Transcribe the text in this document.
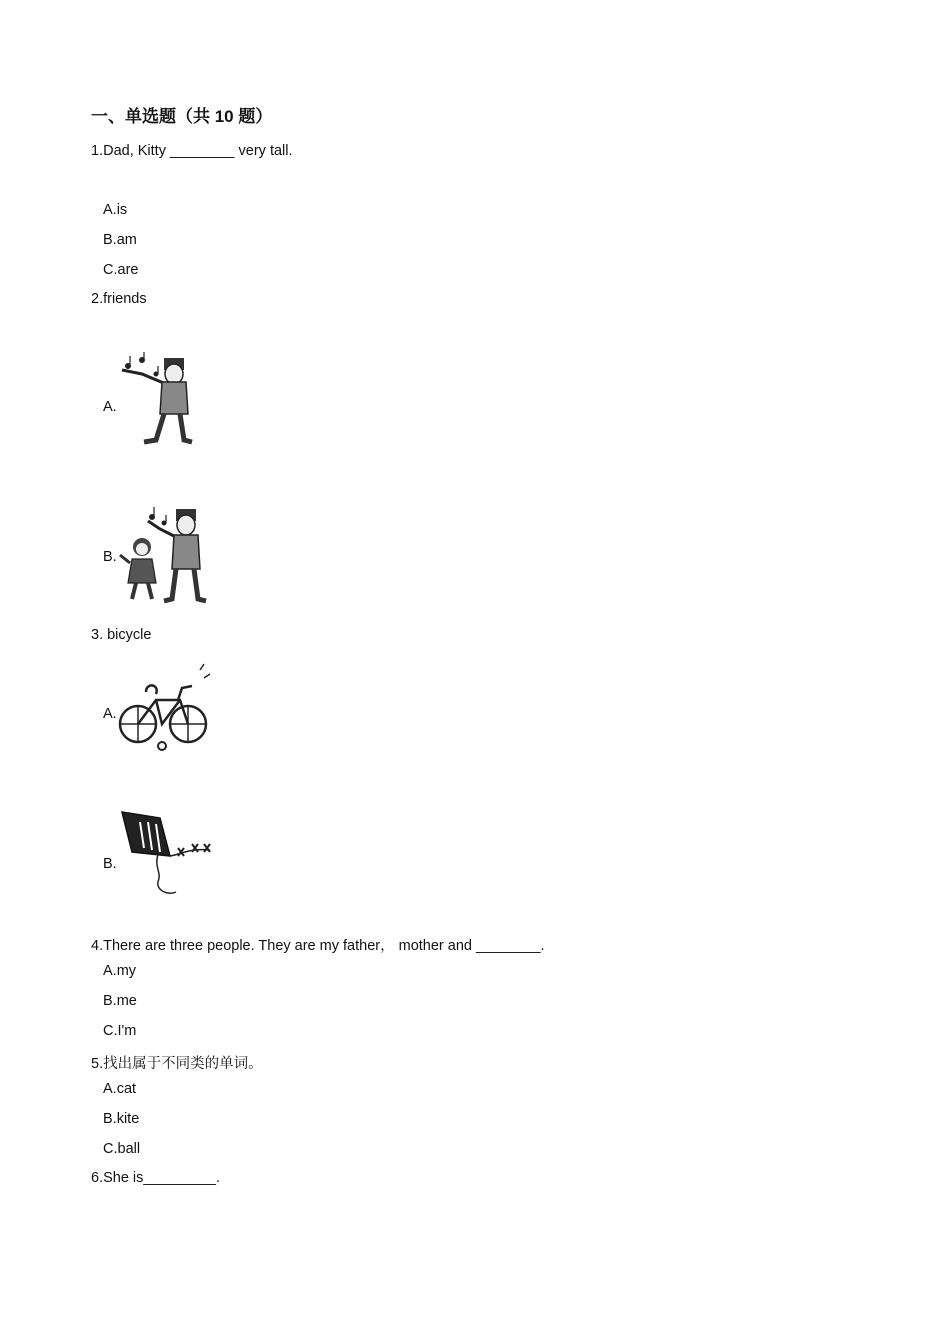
一、单选题（共 10 题）
1.Dad, Kitty ________ very tall.
A.is
B.am
C.are
2.friends
A.
B.
3. bicycle
A.
B.
4.There are three people. They are my father， mother and ________.
A.my
B.me
C.I'm
5.找出属于不同类的单词。
A.cat
B.kite
C.ball
6.She is_________.
